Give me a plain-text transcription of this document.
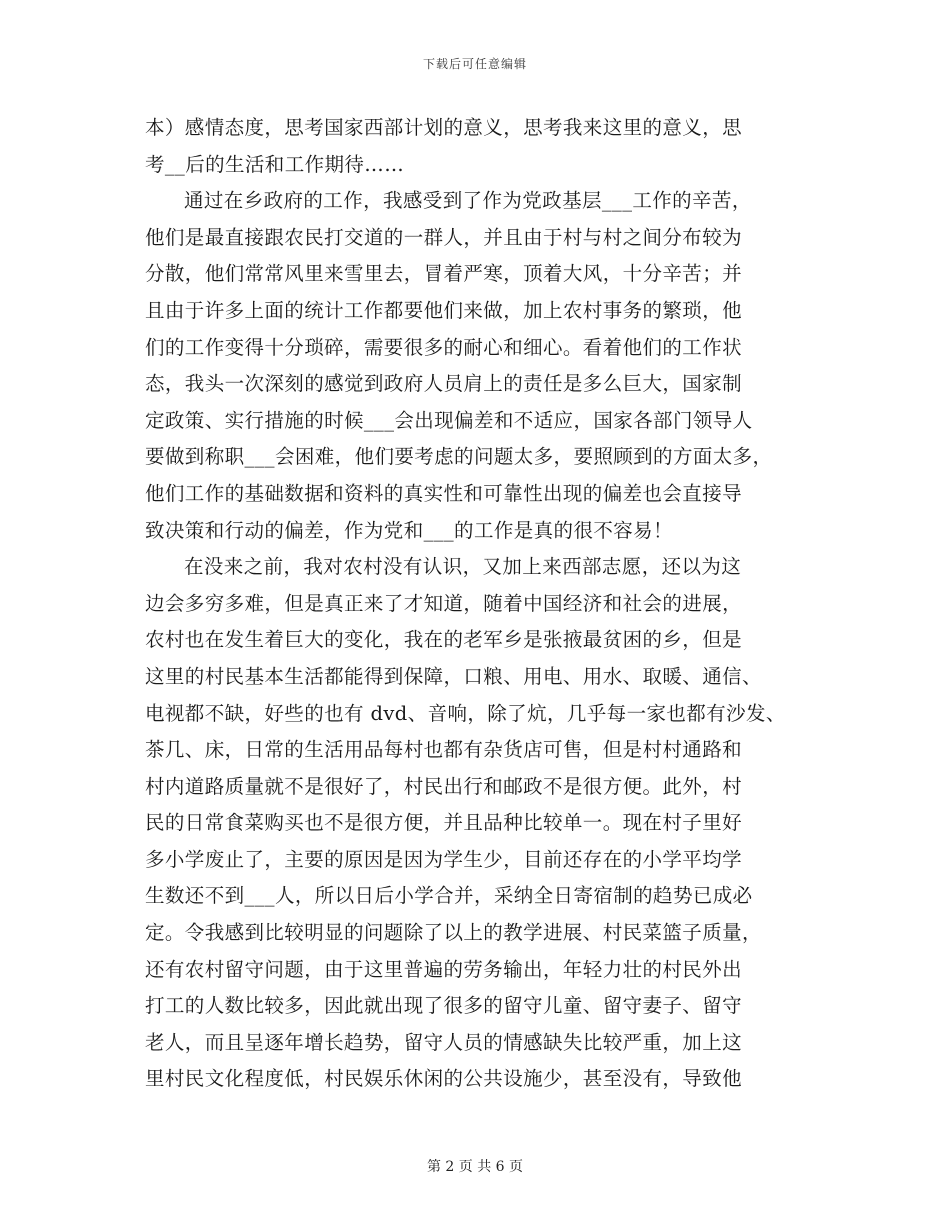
下载后可任意编辑
本）感情态度，思考国家西部计划的意义，思考我来这里的意义，思
考__后的生活和工作期待……
通过在乡政府的工作，我感受到了作为党政基层___工作的辛苦，
他们是最直接跟农民打交道的一群人，并且由于村与村之间分布较为
分散，他们常常风里来雪里去，冒着严寒，顶着大风，十分辛苦；并
且由于许多上面的统计工作都要他们来做，加上农村事务的繁琐，他
们的工作变得十分琐碎，需要很多的耐心和细心。看着他们的工作状
态，我头一次深刻的感觉到政府人员肩上的责任是多么巨大，国家制
定政策、实行措施的时候___会出现偏差和不适应，国家各部门领导人
要做到称职___会困难，他们要考虑的问题太多，要照顾到的方面太多，
他们工作的基础数据和资料的真实性和可靠性出现的偏差也会直接导
致决策和行动的偏差，作为党和___的工作是真的很不容易！
在没来之前，我对农村没有认识，又加上来西部志愿，还以为这
边会多穷多难，但是真正来了才知道，随着中国经济和社会的进展，
农村也在发生着巨大的变化，我在的老军乡是张掖最贫困的乡，但是
这里的村民基本生活都能得到保障，口粮、用电、用水、取暖、通信、
电视都不缺，好些的也有 dvd、音响，除了炕，几乎每一家也都有沙发、
茶几、床，日常的生活用品每村也都有杂货店可售，但是村村通路和
村内道路质量就不是很好了，村民出行和邮政不是很方便。此外，村
民的日常食菜购买也不是很方便，并且品种比较单一。现在村子里好
多小学废止了，主要的原因是因为学生少，目前还存在的小学平均学
生数还不到___人，所以日后小学合并，采纳全日寄宿制的趋势已成必
定。令我感到比较明显的问题除了以上的教学进展、村民菜篮子质量，
还有农村留守问题，由于这里普遍的劳务输出，年轻力壮的村民外出
打工的人数比较多，因此就出现了很多的留守儿童、留守妻子、留守
老人，而且呈逐年增长趋势，留守人员的情感缺失比较严重，加上这
里村民文化程度低，村民娱乐休闲的公共设施少，甚至没有，导致他
第 2 页 共 6 页
